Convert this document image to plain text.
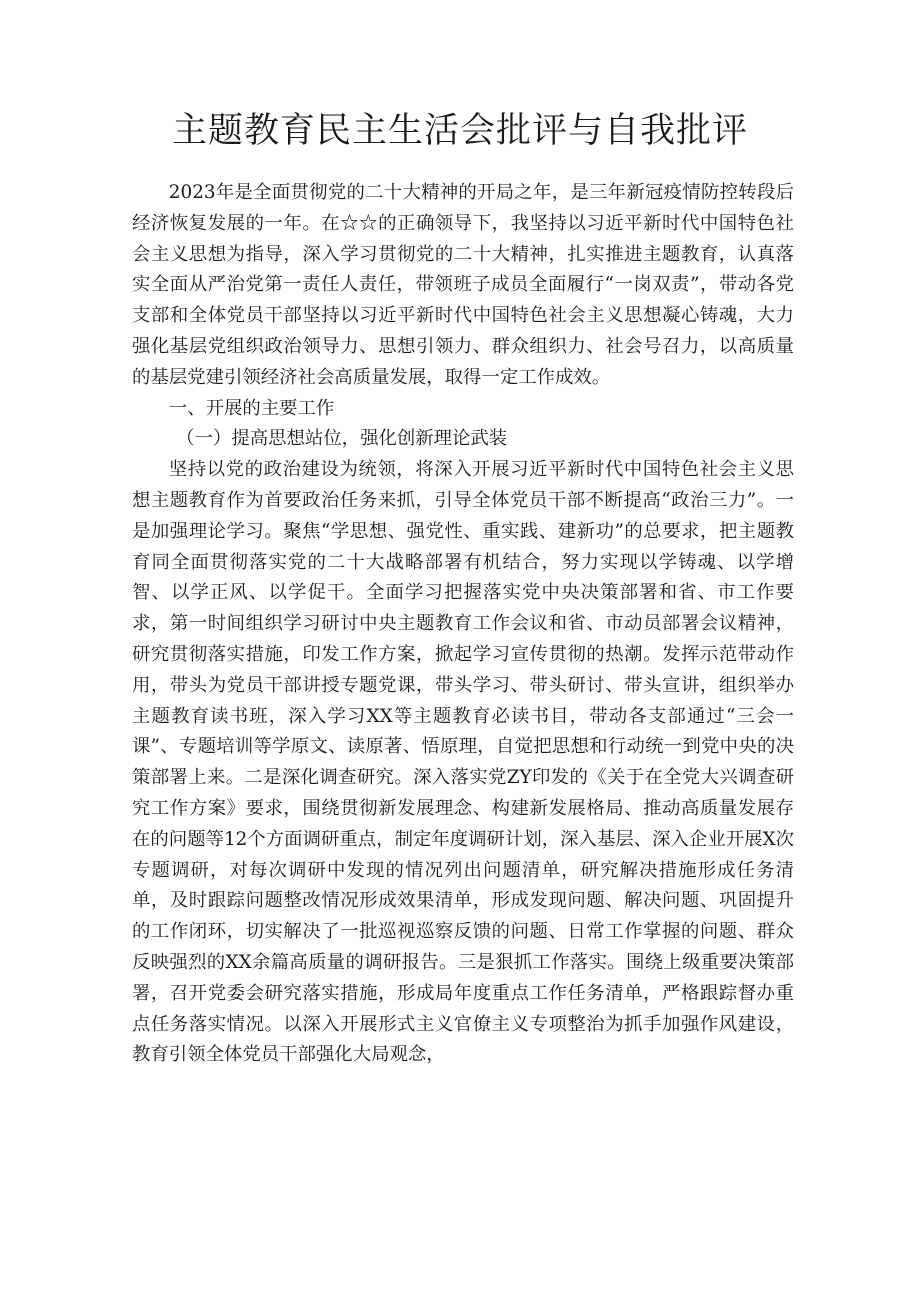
主题教育民主生活会批评与自我批评

2023年是全面贯彻党的二十大精神的开局之年，是三年新冠疫情防控转段后经济恢复发展的一年。在☆☆的正确领导下，我坚持以习近平新时代中国特色社会主义思想为指导，深入学习贯彻党的二十大精神，扎实推进主题教育，认真落实全面从严治党第一责任人责任，带领班子成员全面履行“一岗双责”，带动各党支部和全体党员干部坚持以习近平新时代中国特色社会主义思想凝心铸魂，大力强化基层党组织政治领导力、思想引领力、群众组织力、社会号召力，以高质量的基层党建引领经济社会高质量发展，取得一定工作成效。

一、开展的主要工作

（一）提高思想站位，强化创新理论武装

坚持以党的政治建设为统领，将深入开展习近平新时代中国特色社会主义思想主题教育作为首要政治任务来抓，引导全体党员干部不断提高“政治三力”。一是加强理论学习。聚焦“学思想、强党性、重实践、建新功”的总要求，把主题教育同全面贯彻落实党的二十大战略部署有机结合，努力实现以学铸魂、以学增智、以学正风、以学促干。全面学习把握落实党中央决策部署和省、市工作要求，第一时间组织学习研讨中央主题教育工作会议和省、市动员部署会议精神，研究贯彻落实措施，印发工作方案，掀起学习宣传贯彻的热潮。发挥示范带动作用，带头为党员干部讲授专题党课，带头学习、带头研讨、带头宣讲，组织举办主题教育读书班，深入学习XX等主题教育必读书目，带动各支部通过“三会一课”、专题培训等学原文、读原著、悟原理，自觉把思想和行动统一到党中央的决策部署上来。二是深化调查研究。深入落实党ZY印发的《关于在全党大兴调查研究工作方案》要求，围绕贯彻新发展理念、构建新发展格局、推动高质量发展存在的问题等12个方面调研重点，制定年度调研计划，深入基层、深入企业开展X次专题调研，对每次调研中发现的情况列出问题清单，研究解决措施形成任务清单，及时跟踪问题整改情况形成效果清单，形成发现问题、解决问题、巩固提升的工作闭环，切实解决了一批巡视巡察反馈的问题、日常工作掌握的问题、群众反映强烈的XX余篇高质量的调研报告。三是狠抓工作落实。围绕上级重要决策部署，召开党委会研究落实措施，形成局年度重点工作任务清单，严格跟踪督办重点任务落实情况。以深入开展形式主义官僚主义专项整治为抓手加强作风建设，教育引领全体党员干部强化大局观念，
